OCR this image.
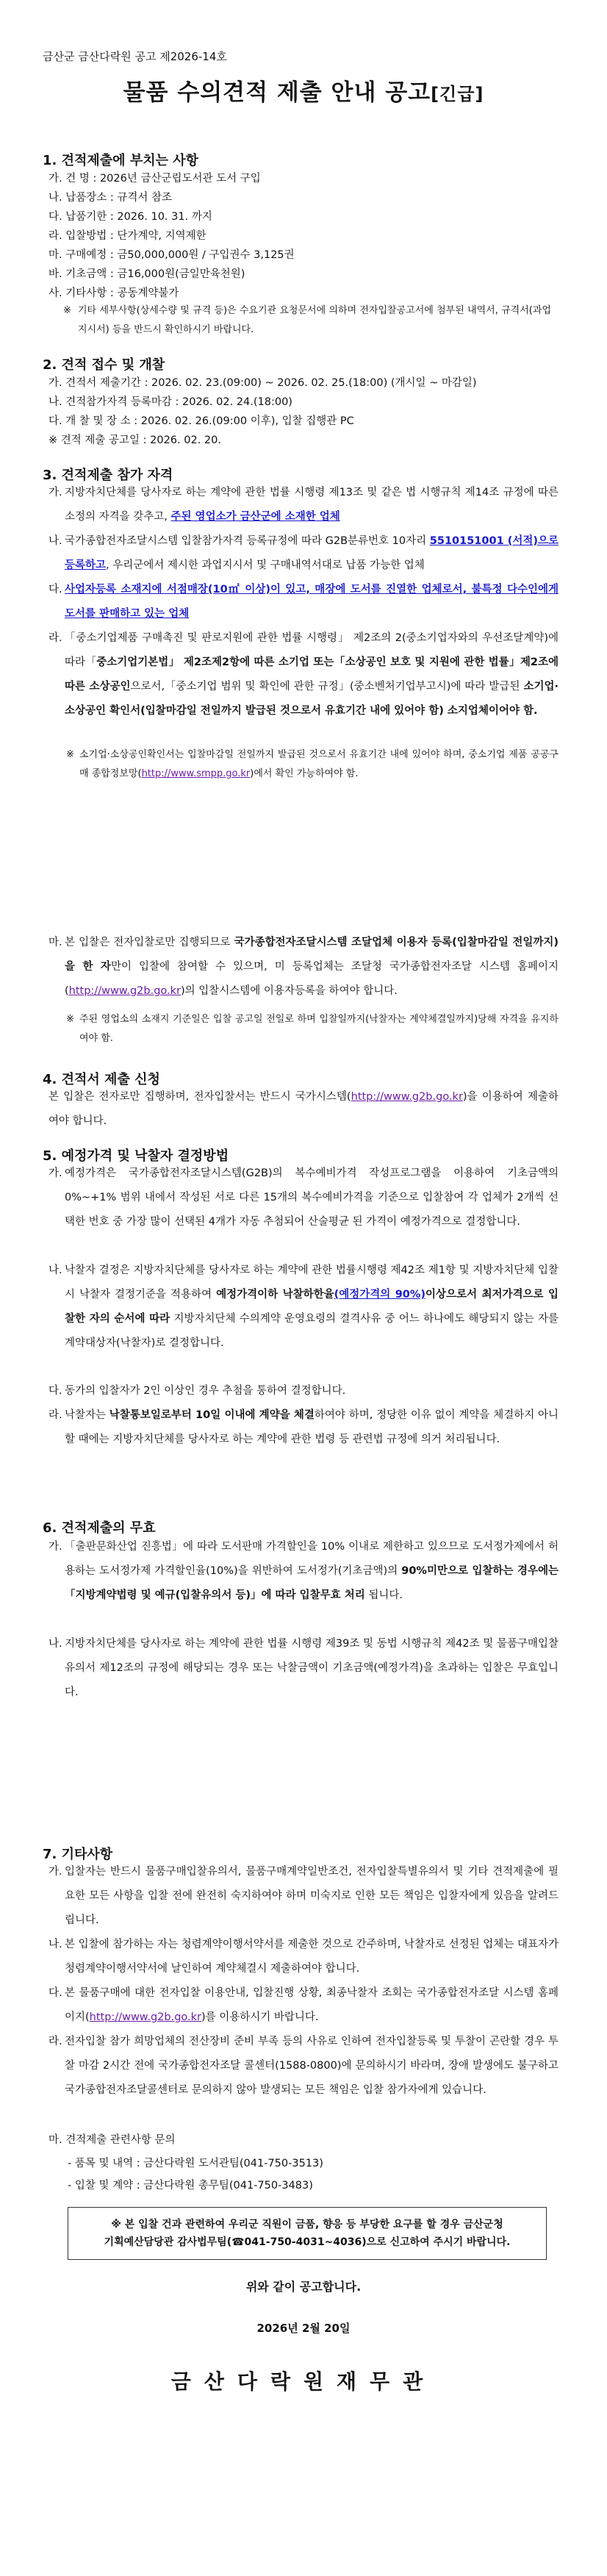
금산군 금산다락원 공고 제2026-14호
물품 수의견적 제출 안내 공고[긴급]
1. 견적제출에 부치는 사항
가. 건 명 : 2026년 금산군립도서관 도서 구입
나. 납품장소 : 규격서 참조
다. 납품기한 : 2026. 10. 31. 까지
라. 입찰방법 : 단가계약, 지역제한
마. 구매예정 : 금50,000,000원 / 구입권수 3,125권
바. 기초금액 : 금16,000원(금일만육천원)
사. 기타사항 : 공동계약불가
※ 기타 세부사항(상세수량 및 규격 등)은 수요기관 요청문서에 의하며 전자입찰공고서에 첨부된 내역서, 규격서(과업지시서) 등을 반드시 확인하시기 바랍니다.
2. 견적 접수 및 개찰
가. 견적서 제출기간 : 2026. 02. 23.(09:00) ~ 2026. 02. 25.(18:00) (개시일 ~ 마감일)
나. 견적참가자격 등록마감 : 2026. 02. 24.(18:00)
다. 개 찰 및 장 소 : 2026. 02. 26.(09:00 이후), 입찰 집행관 PC
※ 견적 제출 공고일 : 2026. 02. 20.
3. 견적제출 참가 자격
가. 지방자치단체를 당사자로 하는 계약에 관한 법률 시행령 제13조 및 같은 법 시행규칙 제14조 규정에 따른 소정의 자격을 갖추고, 주된 영업소가 금산군에 소재한 업체
나. 국가종합전자조달시스템 입찰참가자격 등록규정에 따라 G2B분류번호 10자리 5510151001 (서적)으로 등록하고, 우리군에서 제시한 과업지시서 및 구매내역서대로 납품 가능한 업체
다. 사업자등록 소재지에 서점매장(10㎡ 이상)이 있고, 매장에 도서를 진열한 업체로서, 불특정 다수인에게 도서를 판매하고 있는 업체
라. 「중소기업제품 구매촉진 및 판로지원에 관한 법률 시행령」 제2조의 2(중소기업자와의 우선조달계약)에 따라「중소기업기본법」 제2조제2항에 따른 소기업 또는「소상공인 보호 및 지원에 관한 법률」제2조에 따른 소상공인으로서,「중소기업 범위 및 확인에 관한 규정」(중소벤처기업부고시)에 따라 발급된 소기업·소상공인 확인서(입찰마감일 전일까지 발급된 것으로서 유효기간 내에 있어야 함) 소지업체이어야 함.
※ 소기업·소상공인확인서는 입찰마감일 전일까지 발급된 것으로서 유효기간 내에 있어야 하며, 중소기업 제품 공공구매 종합정보망(http://www.smpp.go.kr)에서 확인 가능하여야 함.
마. 본 입찰은 전자입찰로만 집행되므로 국가종합전자조달시스템 조달업체 이용자 등록(입찰마감일 전일까지)을 한 자만이 입찰에 참여할 수 있으며, 미 등록업체는 조달청 국가종합전자조달 시스템 홈페이지(http://www.g2b.go.kr)의 입찰시스템에 이용자등록을 하여야 합니다.
※ 주된 영업소의 소재지 기준일은 입찰 공고일 전일로 하며 입찰일까지(낙찰자는 계약체결일까지)당해 자격을 유지하여야 함.
4. 견적서 제출 신청
본 입찰은 전자로만 집행하며, 전자입찰서는 반드시 국가시스템(http://www.g2b.go.kr)을 이용하여 제출하여야 합니다.
5. 예정가격 및 낙찰자 결정방법
가. 예정가격은 국가종합전자조달시스템(G2B)의 복수예비가격 작성프로그램을 이용하여 기초금액의 0%~+1% 범위 내에서 작성된 서로 다른 15개의 복수예비가격을 기준으로 입찰참여 각 업체가 2개씩 선택한 번호 중 가장 많이 선택된 4개가 자동 추첨되어 산술평균 된 가격이 예정가격으로 결정합니다.
나. 낙찰자 결정은 지방자치단체를 당사자로 하는 계약에 관한 법률시행령 제42조 제1항 및 지방자치단체 입찰시 낙찰자 결정기준을 적용하여 예정가격이하 낙찰하한율(예정가격의 90%)이상으로서 최저가격으로 입찰한 자의 순서에 따라 지방자치단체 수의계약 운영요령의 결격사유 중 어느 하나에도 해당되지 않는 자를 계약대상자(낙찰자)로 결정합니다.
다. 동가의 입찰자가 2인 이상인 경우 추첨을 통하여 결정합니다.
라. 낙찰자는 낙찰통보일로부터 10일 이내에 계약을 체결하여야 하며, 정당한 이유 없이 계약을 체결하지 아니할 때에는 지방자치단체를 당사자로 하는 계약에 관한 법령 등 관련법 규정에 의거 처리됩니다.
6. 견적제출의 무효
가. 「출판문화산업 진흥법」에 따라 도서판매 가격할인을 10% 이내로 제한하고 있으므로 도서정가제에서 허용하는 도서정가제 가격할인율(10%)을 위반하여 도서정가(기초금액)의 90%미만으로 입찰하는 경우에는「지방계약법령 및 예규(입찰유의서 등)」에 따라 입찰무효 처리 됩니다.
나. 지방자치단체를 당사자로 하는 계약에 관한 법률 시행령 제39조 및 동법 시행규칙 제42조 및 물품구매입찰유의서 제12조의 규정에 해당되는 경우 또는 낙찰금액이 기초금액(예정가격)을 초과하는 입찰은 무효입니다.
7. 기타사항
가. 입찰자는 반드시 물품구매입찰유의서, 물품구매계약일반조건, 전자입찰특별유의서 및 기타 견적제출에 필요한 모든 사항을 입찰 전에 완전히 숙지하여야 하며 미숙지로 인한 모든 책임은 입찰자에게 있음을 알려드립니다.
나. 본 입찰에 참가하는 자는 청렴계약이행서약서를 제출한 것으로 간주하며, 낙찰자로 선정된 업체는 대표자가 청렴계약이행서약서에 날인하여 계약체결시 제출하여야 합니다.
다. 본 물품구매에 대한 전자입찰 이용안내, 입찰진행 상황, 최종낙찰자 조회는 국가종합전자조달 시스템 홈페이지(http://www.g2b.go.kr)를 이용하시기 바랍니다.
라. 전자입찰 참가 희망업체의 전산장비 준비 부족 등의 사유로 인하여 전자입찰등록 및 투찰이 곤란할 경우 투찰 마감 2시간 전에 국가종합전자조달 콜센터(1588-0800)에 문의하시기 바라며, 장애 발생에도 불구하고 국가종합전자조달콜센터로 문의하지 않아 발생되는 모든 책임은 입찰 참가자에게 있습니다.
마. 견적제출 관련사항 문의
- 품목 및 내역 : 금산다락원 도서관팀(041-750-3513)
- 입찰 및 계약 : 금산다락원 총무팀(041-750-3483)
※ 본 입찰 건과 관련하여 우리군 직원이 금품, 향응 등 부당한 요구를 할 경우 금산군청
기획예산담당관 감사법무팀(☎041-750-4031~4036)으로 신고하여 주시기 바랍니다.
위와 같이 공고합니다.
2026년 2월 20일
금산다락원재무관
